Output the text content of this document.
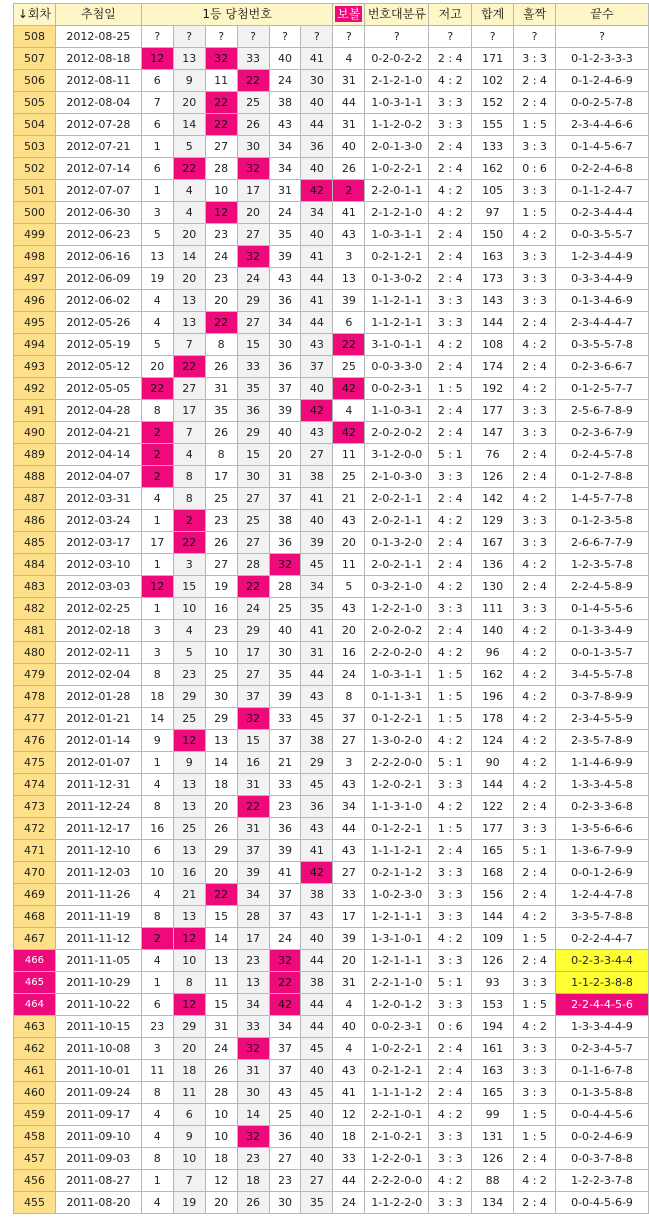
↓회차	추첨일	1등 당첨번호						보볼	번호대분류	저고	합계	홀짝	끝수
508	2012-08-25	?	?	?	?	?	?	?	?	?	?	?	?
507	2012-08-18	12	13	32	33	40	41	4	0-2-0-2-2	2 : 4	171	3 : 3	0-1-2-3-3-3
506	2012-08-11	6	9	11	22	24	30	31	2-1-2-1-0	4 : 2	102	2 : 4	0-1-2-4-6-9
505	2012-08-04	7	20	22	25	38	40	44	1-0-3-1-1	3 : 3	152	2 : 4	0-0-2-5-7-8
504	2012-07-28	6	14	22	26	43	44	31	1-1-2-0-2	3 : 3	155	1 : 5	2-3-4-4-6-6
503	2012-07-21	1	5	27	30	34	36	40	2-0-1-3-0	2 : 4	133	3 : 3	0-1-4-5-6-7
502	2012-07-14	6	22	28	32	34	40	26	1-0-2-2-1	2 : 4	162	0 : 6	0-2-2-4-6-8
501	2012-07-07	1	4	10	17	31	42	2	2-2-0-1-1	4 : 2	105	3 : 3	0-1-1-2-4-7
500	2012-06-30	3	4	12	20	24	34	41	2-1-2-1-0	4 : 2	97	1 : 5	0-2-3-4-4-4
499	2012-06-23	5	20	23	27	35	40	43	1-0-3-1-1	2 : 4	150	4 : 2	0-0-3-5-5-7
498	2012-06-16	13	14	24	32	39	41	3	0-2-1-2-1	2 : 4	163	3 : 3	1-2-3-4-4-9
497	2012-06-09	19	20	23	24	43	44	13	0-1-3-0-2	2 : 4	173	3 : 3	0-3-3-4-4-9
496	2012-06-02	4	13	20	29	36	41	39	1-1-2-1-1	3 : 3	143	3 : 3	0-1-3-4-6-9
495	2012-05-26	4	13	22	27	34	44	6	1-1-2-1-1	3 : 3	144	2 : 4	2-3-4-4-4-7
494	2012-05-19	5	7	8	15	30	43	22	3-1-0-1-1	4 : 2	108	4 : 2	0-3-5-5-7-8
493	2012-05-12	20	22	26	33	36	37	25	0-0-3-3-0	2 : 4	174	2 : 4	0-2-3-6-6-7
492	2012-05-05	22	27	31	35	37	40	42	0-0-2-3-1	1 : 5	192	4 : 2	0-1-2-5-7-7
491	2012-04-28	8	17	35	36	39	42	4	1-1-0-3-1	2 : 4	177	3 : 3	2-5-6-7-8-9
490	2012-04-21	2	7	26	29	40	43	42	2-0-2-0-2	2 : 4	147	3 : 3	0-2-3-6-7-9
489	2012-04-14	2	4	8	15	20	27	11	3-1-2-0-0	5 : 1	76	2 : 4	0-2-4-5-7-8
488	2012-04-07	2	8	17	30	31	38	25	2-1-0-3-0	3 : 3	126	2 : 4	0-1-2-7-8-8
487	2012-03-31	4	8	25	27	37	41	21	2-0-2-1-1	2 : 4	142	4 : 2	1-4-5-7-7-8
486	2012-03-24	1	2	23	25	38	40	43	2-0-2-1-1	4 : 2	129	3 : 3	0-1-2-3-5-8
485	2012-03-17	17	22	26	27	36	39	20	0-1-3-2-0	2 : 4	167	3 : 3	2-6-6-7-7-9
484	2012-03-10	1	3	27	28	32	45	11	2-0-2-1-1	2 : 4	136	4 : 2	1-2-3-5-7-8
483	2012-03-03	12	15	19	22	28	34	5	0-3-2-1-0	4 : 2	130	2 : 4	2-2-4-5-8-9
482	2012-02-25	1	10	16	24	25	35	43	1-2-2-1-0	3 : 3	111	3 : 3	0-1-4-5-5-6
481	2012-02-18	3	4	23	29	40	41	20	2-0-2-0-2	2 : 4	140	4 : 2	0-1-3-3-4-9
480	2012-02-11	3	5	10	17	30	31	16	2-2-0-2-0	4 : 2	96	4 : 2	0-0-1-3-5-7
479	2012-02-04	8	23	25	27	35	44	24	1-0-3-1-1	1 : 5	162	4 : 2	3-4-5-5-7-8
478	2012-01-28	18	29	30	37	39	43	8	0-1-1-3-1	1 : 5	196	4 : 2	0-3-7-8-9-9
477	2012-01-21	14	25	29	32	33	45	37	0-1-2-2-1	1 : 5	178	4 : 2	2-3-4-5-5-9
476	2012-01-14	9	12	13	15	37	38	27	1-3-0-2-0	4 : 2	124	4 : 2	2-3-5-7-8-9
475	2012-01-07	1	9	14	16	21	29	3	2-2-2-0-0	5 : 1	90	4 : 2	1-1-4-6-9-9
474	2011-12-31	4	13	18	31	33	45	43	1-2-0-2-1	3 : 3	144	4 : 2	1-3-3-4-5-8
473	2011-12-24	8	13	20	22	23	36	34	1-1-3-1-0	4 : 2	122	2 : 4	0-2-3-3-6-8
472	2011-12-17	16	25	26	31	36	43	44	0-1-2-2-1	1 : 5	177	3 : 3	1-3-5-6-6-6
471	2011-12-10	6	13	29	37	39	41	43	1-1-1-2-1	2 : 4	165	5 : 1	1-3-6-7-9-9
470	2011-12-03	10	16	20	39	41	42	27	0-2-1-1-2	3 : 3	168	2 : 4	0-0-1-2-6-9
469	2011-11-26	4	21	22	34	37	38	33	1-0-2-3-0	3 : 3	156	2 : 4	1-2-4-4-7-8
468	2011-11-19	8	13	15	28	37	43	17	1-2-1-1-1	3 : 3	144	4 : 2	3-3-5-7-8-8
467	2011-11-12	2	12	14	17	24	40	39	1-3-1-0-1	4 : 2	109	1 : 5	0-2-2-4-4-7
466	2011-11-05	4	10	13	23	32	44	20	1-2-1-1-1	3 : 3	126	2 : 4	0-2-3-3-4-4
465	2011-10-29	1	8	11	13	22	38	31	2-2-1-1-0	5 : 1	93	3 : 3	1-1-2-3-8-8
464	2011-10-22	6	12	15	34	42	44	4	1-2-0-1-2	3 : 3	153	1 : 5	2-2-4-4-5-6
463	2011-10-15	23	29	31	33	34	44	40	0-0-2-3-1	0 : 6	194	4 : 2	1-3-3-4-4-9
462	2011-10-08	3	20	24	32	37	45	4	1-0-2-2-1	2 : 4	161	3 : 3	0-2-3-4-5-7
461	2011-10-01	11	18	26	31	37	40	43	0-2-1-2-1	2 : 4	163	3 : 3	0-1-1-6-7-8
460	2011-09-24	8	11	28	30	43	45	41	1-1-1-1-2	2 : 4	165	3 : 3	0-1-3-5-8-8
459	2011-09-17	4	6	10	14	25	40	12	2-2-1-0-1	4 : 2	99	1 : 5	0-0-4-4-5-6
458	2011-09-10	4	9	10	32	36	40	18	2-1-0-2-1	3 : 3	131	1 : 5	0-0-2-4-6-9
457	2011-09-03	8	10	18	23	27	40	33	1-2-2-0-1	3 : 3	126	2 : 4	0-0-3-7-8-8
456	2011-08-27	1	7	12	18	23	27	44	2-2-2-0-0	4 : 2	88	4 : 2	1-2-2-3-7-8
455	2011-08-20	4	19	20	26	30	35	24	1-1-2-2-0	3 : 3	134	2 : 4	0-0-4-5-6-9
